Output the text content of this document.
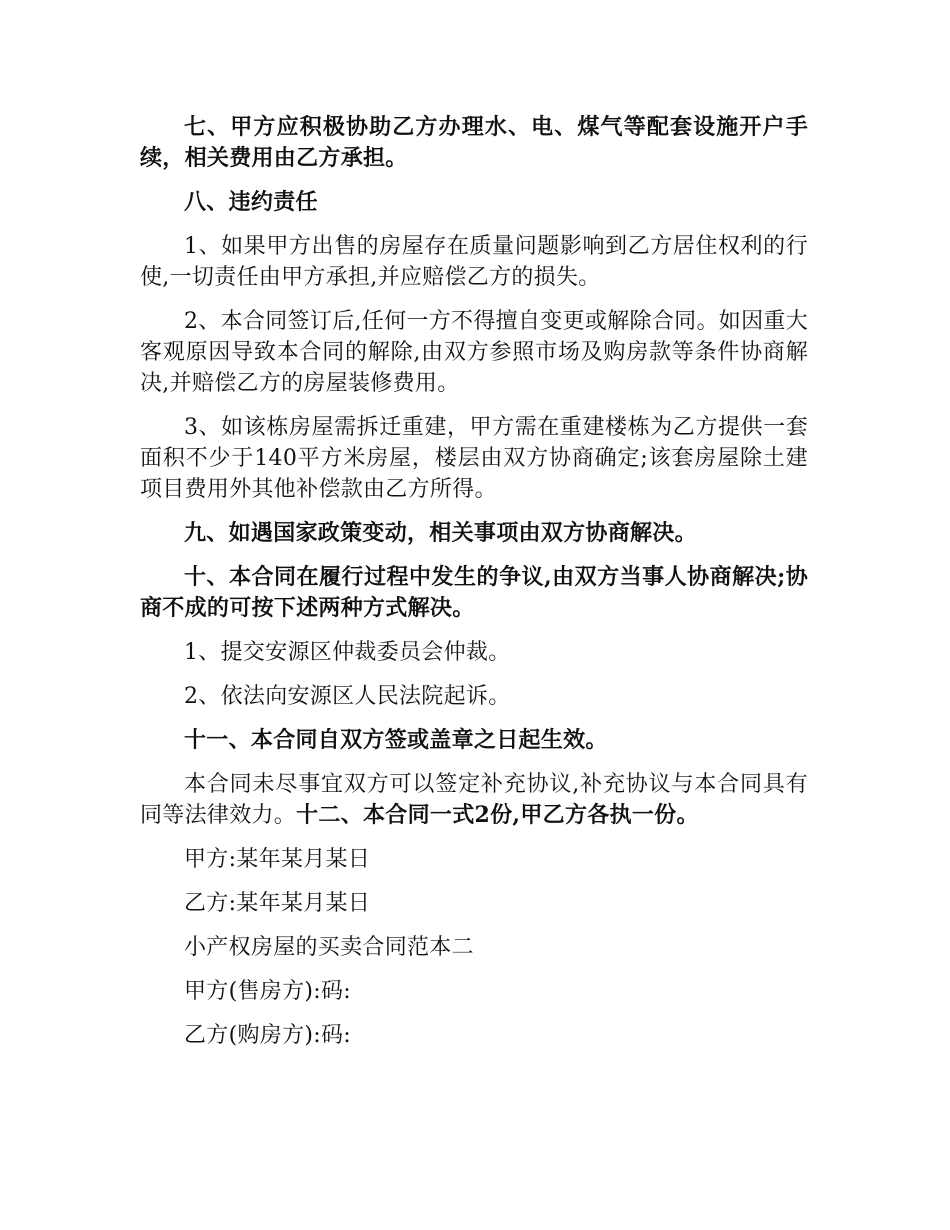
七、甲方应积极协助乙方办理水、电、煤气等配套设施开户手续，相关费用由乙方承担。

八、违约责任

1、如果甲方出售的房屋存在质量问题影响到乙方居住权利的行使,一切责任由甲方承担,并应赔偿乙方的损失。

2、本合同签订后,任何一方不得擅自变更或解除合同。如因重大客观原因导致本合同的解除,由双方参照市场及购房款等条件协商解决,并赔偿乙方的房屋装修费用。

3、如该栋房屋需拆迁重建，甲方需在重建楼栋为乙方提供一套面积不少于140平方米房屋，楼层由双方协商确定;该套房屋除土建项目费用外其他补偿款由乙方所得。

九、如遇国家政策变动，相关事项由双方协商解决。

十、本合同在履行过程中发生的争议,由双方当事人协商解决;协商不成的可按下述两种方式解决。

1、提交安源区仲裁委员会仲裁。

2、依法向安源区人民法院起诉。

十一、本合同自双方签或盖章之日起生效。

本合同未尽事宜双方可以签定补充协议,补充协议与本合同具有同等法律效力。十二、本合同一式2份,甲乙方各执一份。

甲方:某年某月某日

乙方:某年某月某日

小产权房屋的买卖合同范本二

甲方(售房方):码:

乙方(购房方):码:
